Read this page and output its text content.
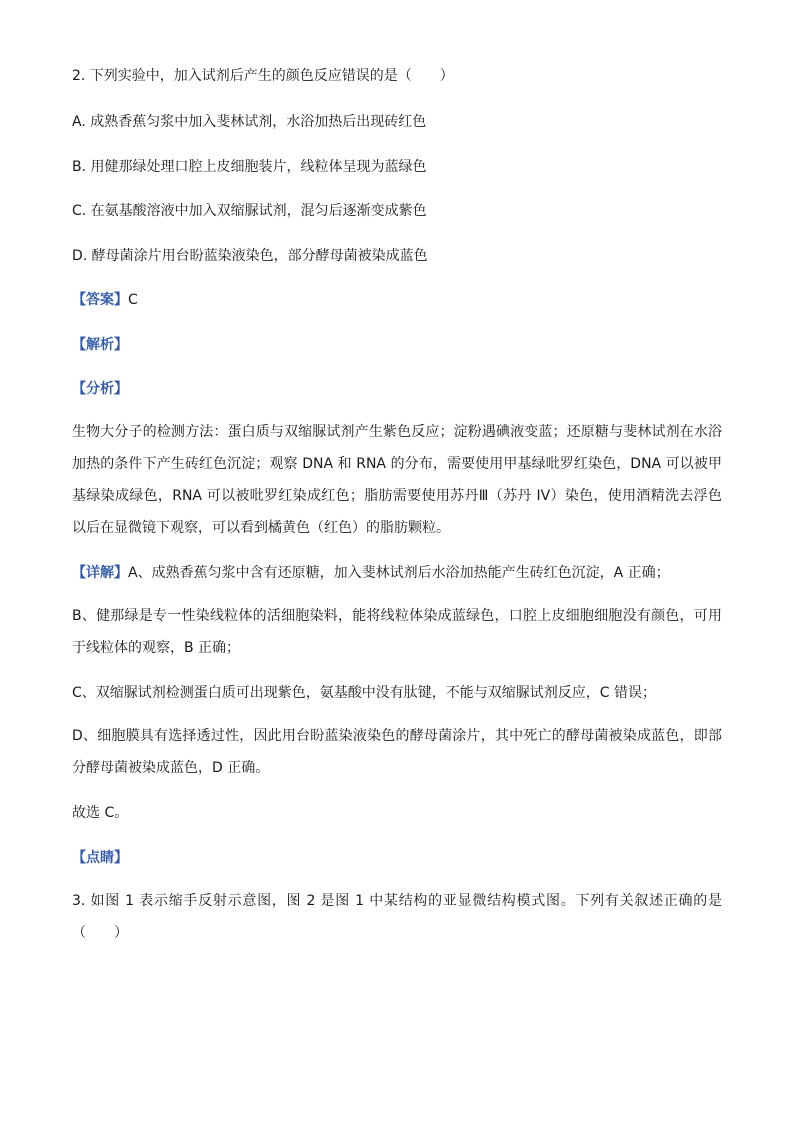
2. 下列实验中，加入试剂后产生的颜色反应错误的是（　　）
A. 成熟香蕉匀浆中加入斐林试剂，水浴加热后出现砖红色
B. 用健那绿处理口腔上皮细胞装片，线粒体呈现为蓝绿色
C. 在氨基酸溶液中加入双缩脲试剂，混匀后逐渐变成紫色
D. 酵母菌涂片用台盼蓝染液染色，部分酵母菌被染成蓝色
【答案】C
【解析】
【分析】
生物大分子的检测方法：蛋白质与双缩脲试剂产生紫色反应；淀粉遇碘液变蓝；还原糖与斐林试剂在水浴加热的条件下产生砖红色沉淀；观察 DNA 和 RNA 的分布，需要使用甲基绿吡罗红染色，DNA 可以被甲基绿染成绿色，RNA 可以被吡罗红染成红色；脂肪需要使用苏丹Ⅲ（苏丹 IV）染色，使用酒精洗去浮色以后在显微镜下观察，可以看到橘黄色（红色）的脂肪颗粒。
【详解】A、成熟香蕉匀浆中含有还原糖，加入斐林试剂后水浴加热能产生砖红色沉淀，A 正确；
B、健那绿是专一性染线粒体的活细胞染料，能将线粒体染成蓝绿色，口腔上皮细胞细胞没有颜色，可用于线粒体的观察，B 正确；
C、双缩脲试剂检测蛋白质可出现紫色，氨基酸中没有肽键，不能与双缩脲试剂反应，C 错误；
D、细胞膜具有选择透过性，因此用台盼蓝染液染色的酵母菌涂片，其中死亡的酵母菌被染成蓝色，即部分酵母菌被染成蓝色，D 正确。
故选 C。
【点睛】
3. 如图 1 表示缩手反射示意图，图 2 是图 1 中某结构的亚显微结构模式图。下列有关叙述正确的是（　　）
